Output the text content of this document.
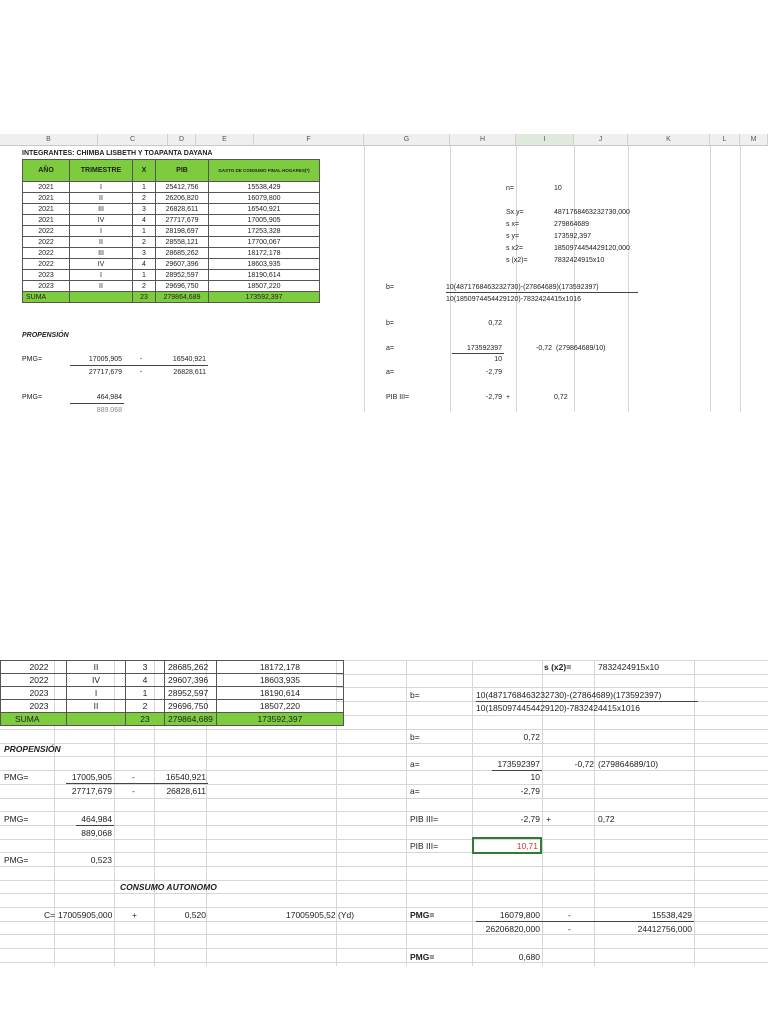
B	C	D	E	F	G	H	I	J	K	L	M
INTEGRANTES: CHIMBA LISBETH Y TOAPANTA DAYANA
AÑO	TRIMESTRE	X	PIB	GASTO DE CONSUMO FINAL HOGARES(*)
2021	I	1	25412,756	15538,429
2021	II	2	26206,820	16079,800
2021	III	3	26828,611	16540,921
2021	IV	4	27717,679	17005,905
2022	I	1	28198,697	17253,328
2022	II	2	28558,121	17700,067
2022	III	3	28685,262	18172,178
2022	IV	4	29607,396	18603,935
2023	I	1	28952,597	18190,614
2023	II	2	29696,750	18507,220
SUMA		23	279864,689	173592,397
PROPENSIÓN
PMG=	17005,905	-	16540,921
27717,679	-	26828,611
PMG=	464,984
889,068
n=	10
Sx.y=	4871768463232730,000
s x=	279864689
s y=	173592,397
s x2=	1850974454429120,000
s (x2)=	7832424915x10
b=	10(4871768463232730)-(27864689)(173592397)
10(1850974454429120)-7832424415x1016
b=	0,72
a=	173592397	-0,72 (279864689/10)
10
a=	-2,79
PIB III=	-2,79 +	0,72
2022	II	3	28685,262	18172,178
2022	IV	4	29607,396	18603,935
2023	I	1	28952,597	18190,614
2023	II	2	29696,750	18507,220
SUMA		23	279864,689	173592,397
s (x2)=	7832424915x10
b=	10(4871768463232730)-(27864689)(173592397)
10(1850974454429120)-7832424415x1016
PROPENSIÓN
b=	0,72
a=	173592397	-0,72 (279864689/10)
10
PMG=	17005,905 -	16540,921
27717,679 -	26828,611	a=	-2,79
PMG=	464,984
889,068
PIB III=	-2,79 +	0,72
PIB III=	10,71
PMG=	0,523
CONSUMO AUTONOMO
C= 17005905,000 +	0,520	17005905,52 (Yd)	PMG=	16079,800	-	15538,429
26206820,000	-	24412756,000
PMG=	0,680
